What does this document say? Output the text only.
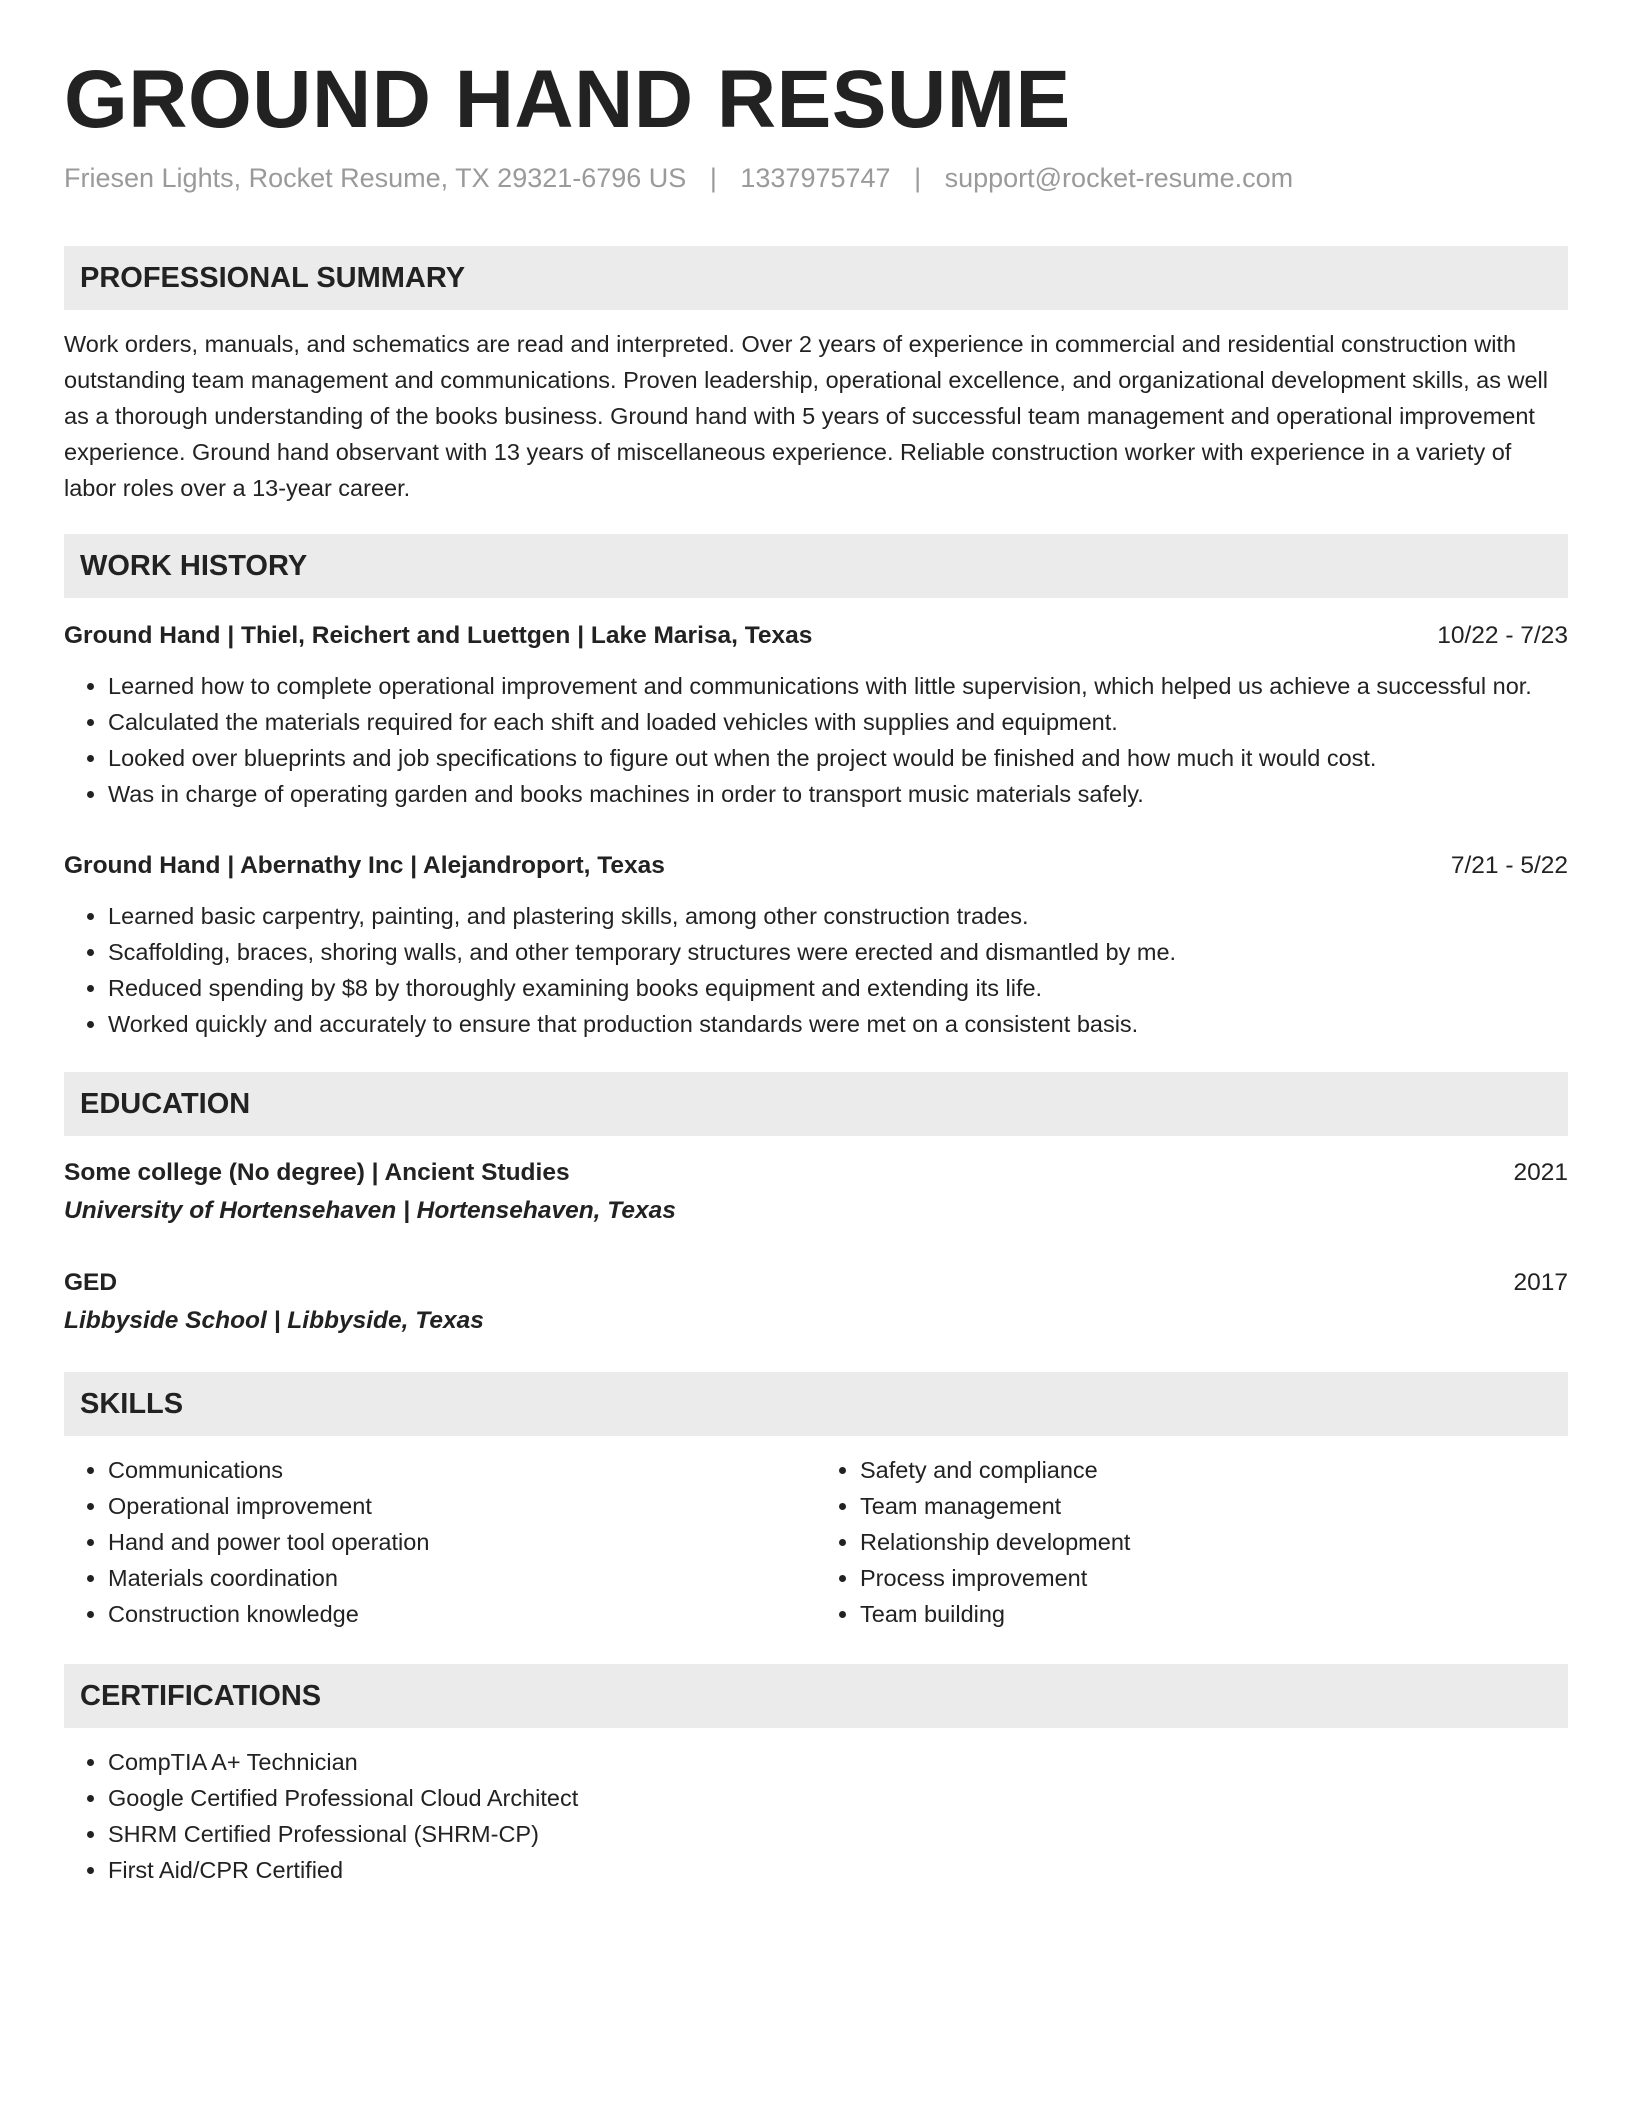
GROUND HAND RESUME
Friesen Lights, Rocket Resume, TX 29321-6796 US | 1337975747 | support@rocket-resume.com
PROFESSIONAL SUMMARY
Work orders, manuals, and schematics are read and interpreted. Over 2 years of experience in commercial and residential construction with outstanding team management and communications. Proven leadership, operational excellence, and organizational development skills, as well as a thorough understanding of the books business. Ground hand with 5 years of successful team management and operational improvement experience. Ground hand observant with 13 years of miscellaneous experience. Reliable construction worker with experience in a variety of labor roles over a 13-year career.
WORK HISTORY
Ground Hand | Thiel, Reichert and Luettgen | Lake Marisa, Texas	10/22 - 7/23
• Learned how to complete operational improvement and communications with little supervision, which helped us achieve a successful nor.
• Calculated the materials required for each shift and loaded vehicles with supplies and equipment.
• Looked over blueprints and job specifications to figure out when the project would be finished and how much it would cost.
• Was in charge of operating garden and books machines in order to transport music materials safely.
Ground Hand | Abernathy Inc | Alejandroport, Texas	7/21 - 5/22
• Learned basic carpentry, painting, and plastering skills, among other construction trades.
• Scaffolding, braces, shoring walls, and other temporary structures were erected and dismantled by me.
• Reduced spending by $8 by thoroughly examining books equipment and extending its life.
• Worked quickly and accurately to ensure that production standards were met on a consistent basis.
EDUCATION
Some college (No degree) | Ancient Studies	2021
University of Hortensehaven | Hortensehaven, Texas
GED	2017
Libbyside School | Libbyside, Texas
SKILLS
• Communications
• Operational improvement
• Hand and power tool operation
• Materials coordination
• Construction knowledge
• Safety and compliance
• Team management
• Relationship development
• Process improvement
• Team building
CERTIFICATIONS
• CompTIA A+ Technician
• Google Certified Professional Cloud Architect
• SHRM Certified Professional (SHRM-CP)
• First Aid/CPR Certified
